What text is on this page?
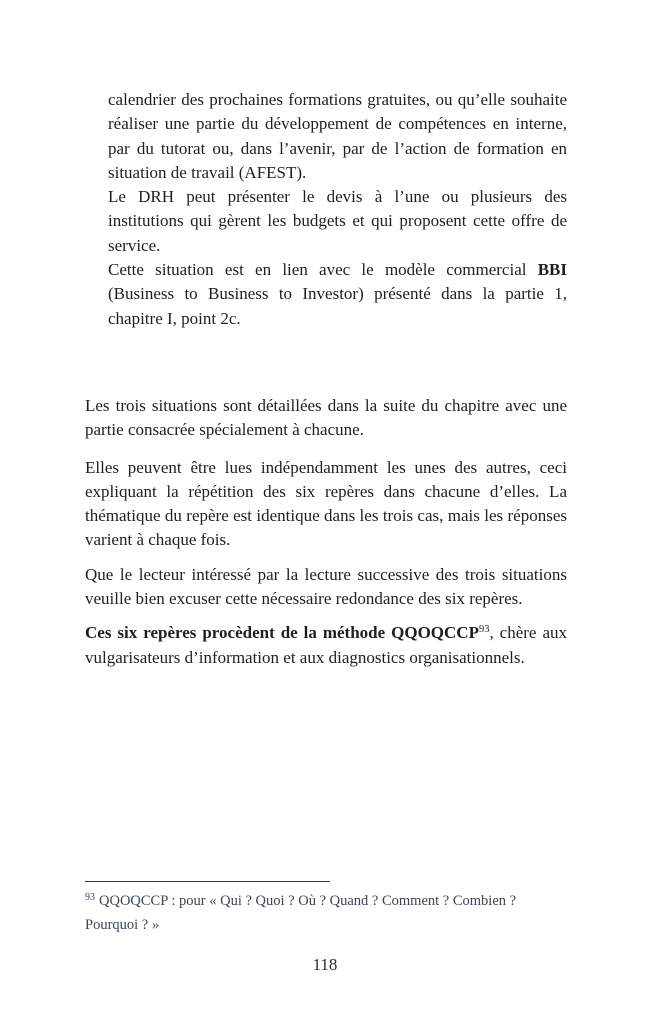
calendrier des prochaines formations gratuites, ou qu’elle souhaite réaliser une partie du développement de compétences en interne, par du tutorat ou, dans l’avenir, par de l’action de formation en situation de travail (AFEST).

Le DRH peut présenter le devis à l’une ou plusieurs des institutions qui gèrent les budgets et qui proposent cette offre de service.

Cette situation est en lien avec le modèle commercial BBI (Business to Business to Investor) présenté dans la partie 1, chapitre I, point 2c.

Les trois situations sont détaillées dans la suite du chapitre avec une partie consacrée spécialement à chacune.

Elles peuvent être lues indépendamment les unes des autres, ceci expliquant la répétition des six repères dans chacune d’elles. La thématique du repère est identique dans les trois cas, mais les réponses varient à chaque fois.

Que le lecteur intéressé par la lecture successive des trois situations veuille bien excuser cette nécessaire redondance des six repères.

Ces six repères procèdent de la méthode QQOQCCP$^{93}$, chère aux vulgarisateurs d’information et aux diagnostics organisationnels.

$^{93}$ QQOQCCP : pour « Qui ? Quoi ? Où ? Quand ? Comment ? Combien ? Pourquoi ? »

118
